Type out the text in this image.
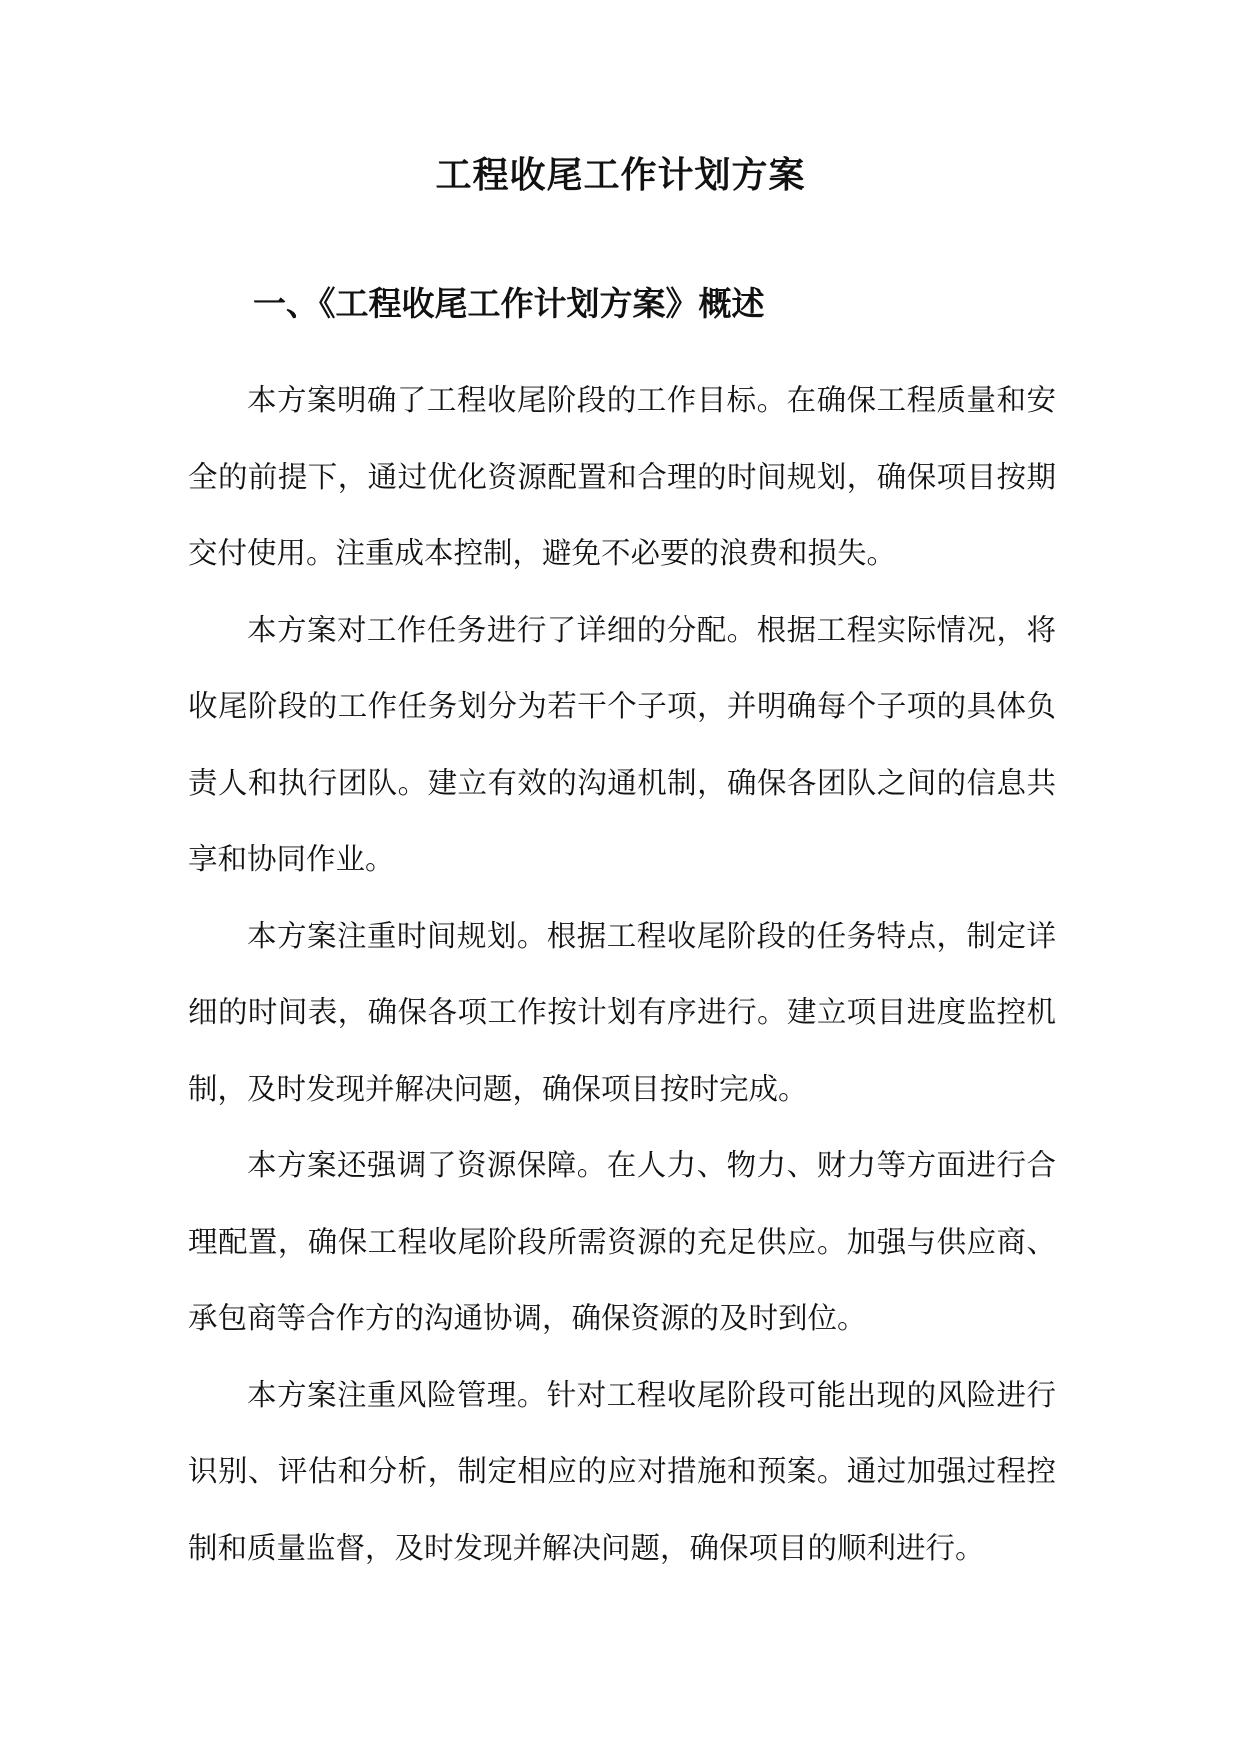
工程收尾工作计划方案
一、《工程收尾工作计划方案》概述

本方案明确了工程收尾阶段的工作目标。在确保工程质量和安全的前提下，通过优化资源配置和合理的时间规划，确保项目按期交付使用。注重成本控制，避免不必要的浪费和损失。

本方案对工作任务进行了详细的分配。根据工程实际情况，将收尾阶段的工作任务划分为若干个子项，并明确每个子项的具体负责人和执行团队。建立有效的沟通机制，确保各团队之间的信息共享和协同作业。

本方案注重时间规划。根据工程收尾阶段的任务特点，制定详细的时间表，确保各项工作按计划有序进行。建立项目进度监控机制，及时发现并解决问题，确保项目按时完成。

本方案还强调了资源保障。在人力、物力、财力等方面进行合理配置，确保工程收尾阶段所需资源的充足供应。加强与供应商、承包商等合作方的沟通协调，确保资源的及时到位。

本方案注重风险管理。针对工程收尾阶段可能出现的风险进行识别、评估和分析，制定相应的应对措施和预案。通过加强过程控制和质量监督，及时发现并解决问题，确保项目的顺利进行。
